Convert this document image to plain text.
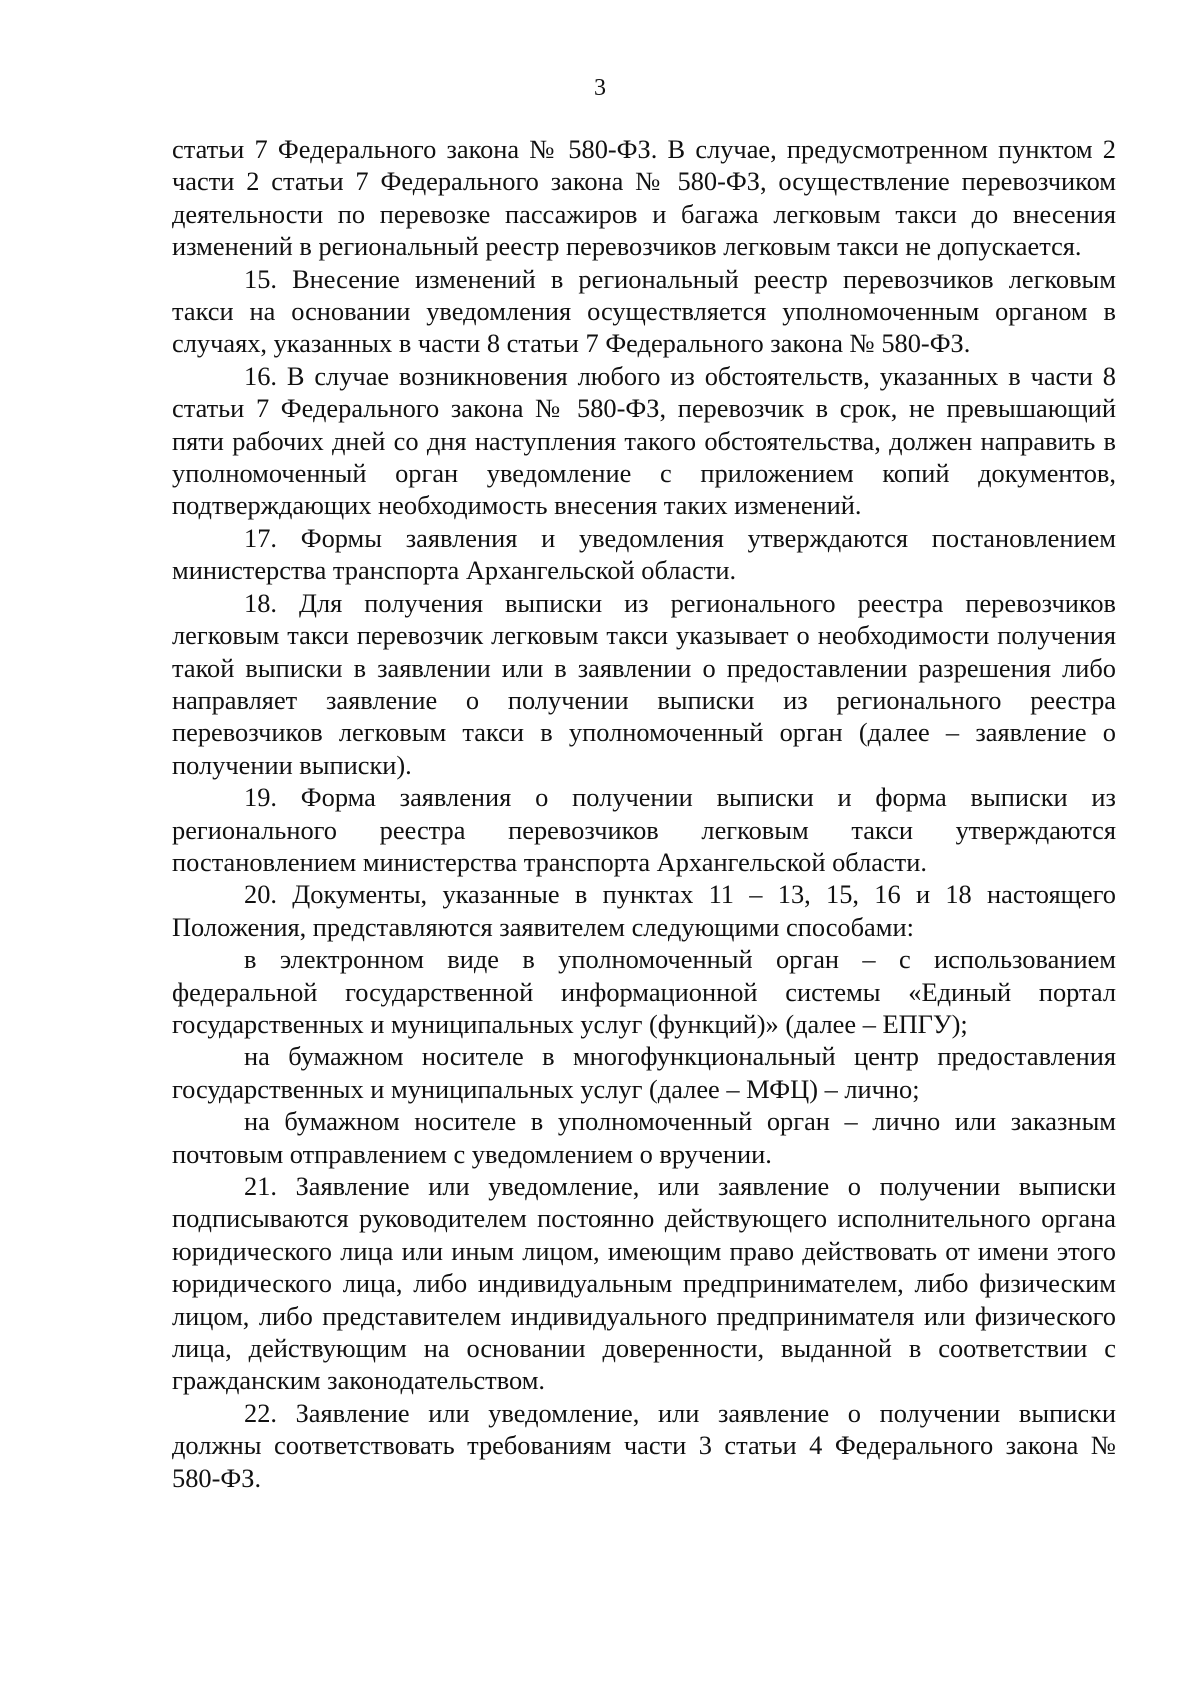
3

статьи 7 Федерального закона № 580-ФЗ. В случае, предусмотренном пунктом 2 части 2 статьи 7 Федерального закона № 580-ФЗ, осуществление перевозчиком деятельности по перевозке пассажиров и багажа легковым такси до внесения изменений в региональный реестр перевозчиков легковым такси не допускается.

15. Внесение изменений в региональный реестр перевозчиков легковым такси на основании уведомления осуществляется уполномоченным органом в случаях, указанных в части 8 статьи 7 Федерального закона № 580-ФЗ.

16. В случае возникновения любого из обстоятельств, указанных в части 8 статьи 7 Федерального закона № 580-ФЗ, перевозчик в срок, не превышающий пяти рабочих дней со дня наступления такого обстоятельства, должен направить в уполномоченный орган уведомление с приложением копий документов, подтверждающих необходимость внесения таких изменений.

17. Формы заявления и уведомления утверждаются постановлением министерства транспорта Архангельской области.

18. Для получения выписки из регионального реестра перевозчиков легковым такси перевозчик легковым такси указывает о необходимости получения такой выписки в заявлении или в заявлении о предоставлении разрешения либо направляет заявление о получении выписки из регионального реестра перевозчиков легковым такси в уполномоченный орган (далее – заявление о получении выписки).

19. Форма заявления о получении выписки и форма выписки из регионального реестра перевозчиков легковым такси утверждаются постановлением министерства транспорта Архангельской области.

20. Документы, указанные в пунктах 11 – 13, 15, 16 и 18 настоящего Положения, представляются заявителем следующими способами:

в электронном виде в уполномоченный орган – с использованием федеральной государственной информационной системы «Единый портал государственных и муниципальных услуг (функций)» (далее – ЕПГУ);

на бумажном носителе в многофункциональный центр предоставления государственных и муниципальных услуг (далее – МФЦ) – лично;

на бумажном носителе в уполномоченный орган – лично или заказным почтовым отправлением с уведомлением о вручении.

21. Заявление или уведомление, или заявление о получении выписки подписываются руководителем постоянно действующего исполнительного органа юридического лица или иным лицом, имеющим право действовать от имени этого юридического лица, либо индивидуальным предпринимателем, либо физическим лицом, либо представителем индивидуального предпринимателя или физического лица, действующим на основании доверенности, выданной в соответствии с гражданским законодательством.

22. Заявление или уведомление, или заявление о получении выписки должны соответствовать требованиям части 3 статьи 4 Федерального закона № 580-ФЗ.
